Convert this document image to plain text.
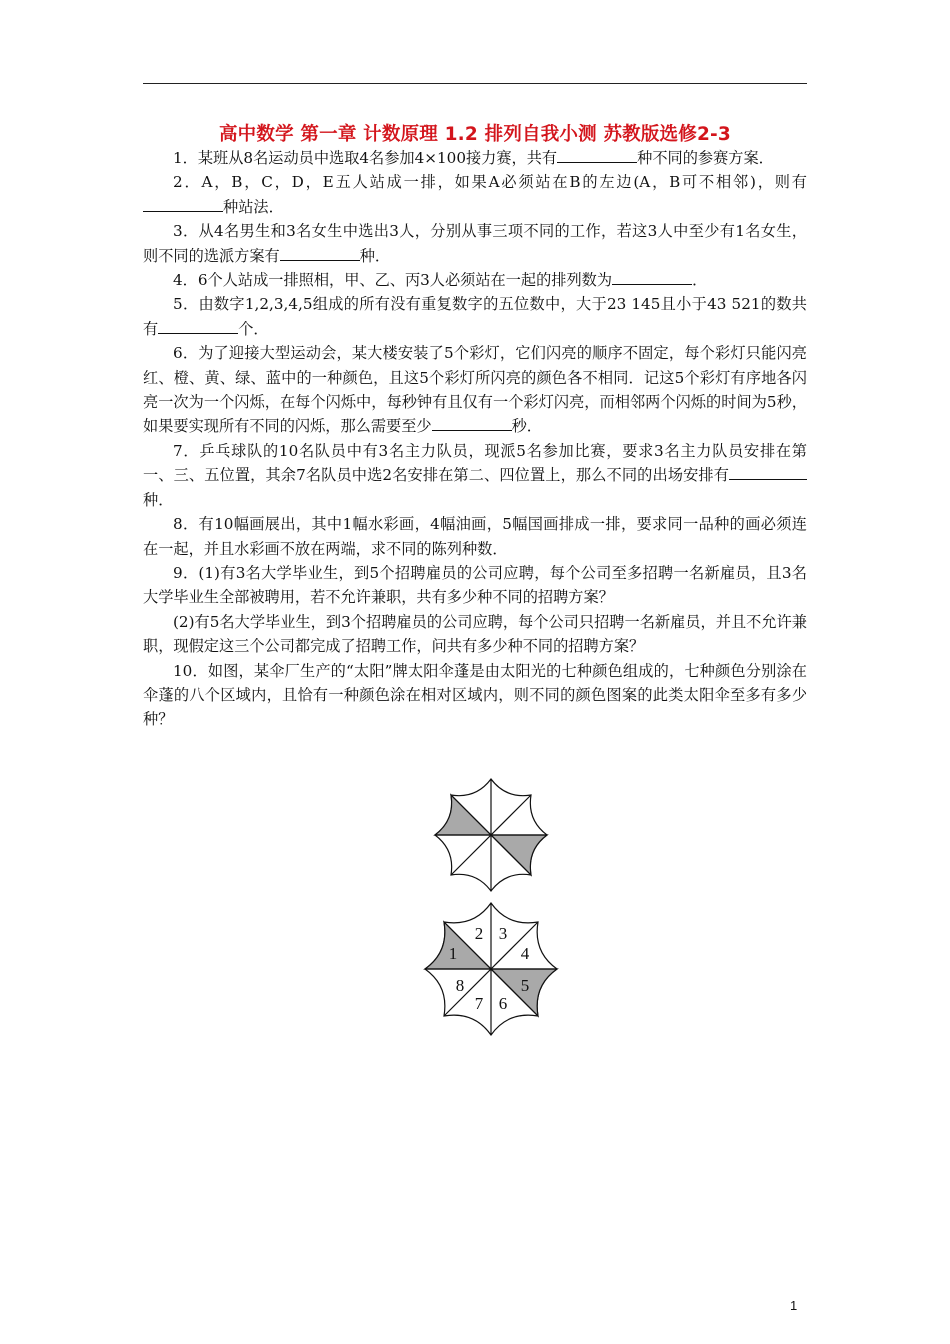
高中数学 第一章 计数原理 1.2 排列自我小测 苏教版选修2-3

1．某班从8名运动员中选取4名参加4×100接力赛，共有	种不同的参赛方案．

2．A，B，C，D，E五人站成一排，如果A必须站在B的左边(A，B可不相邻)，则有种站法．

3．从4名男生和3名女生中选出3人，分别从事三项不同的工作，若这3人中至少有1名女生，则不同的选派方案有	种．

4．6个人站成一排照相，甲、乙、丙3人必须站在一起的排列数为	．

5．由数字1,2,3,4,5组成的所有没有重复数字的五位数中，大于23 145且小于43 521的数共有	个．

6．为了迎接大型运动会，某大楼安装了5个彩灯，它们闪亮的顺序不固定，每个彩灯只能闪亮红、橙、黄、绿、蓝中的一种颜色，且这5个彩灯所闪亮的颜色各不相同．记这5个彩灯有序地各闪亮一次为一个闪烁，在每个闪烁中，每秒钟有且仅有一个彩灯闪亮，而相邻两个闪烁的时间为5秒，如果要实现所有不同的闪烁，那么需要至少	秒．

7．乒乓球队的10名队员中有3名主力队员，现派5名参加比赛，要求3名主力队员安排在第一、三、五位置，其余7名队员中选2名安排在第二、四位置上，那么不同的出场安排有种．

8．有10幅画展出，其中1幅水彩画，4幅油画，5幅国画排成一排，要求同一品种的画必须连在一起，并且水彩画不放在两端，求不同的陈列种数．

9．(1)有3名大学毕业生，到5个招聘雇员的公司应聘，每个公司至多招聘一名新雇员，且3名大学毕业生全部被聘用，若不允许兼职，共有多少种不同的招聘方案？

(2)有5名大学毕业生，到3个招聘雇员的公司应聘，每个公司只招聘一名新雇员，并且不允许兼职，现假定这三个公司都完成了招聘工作，问共有多少种不同的招聘方案？

10．如图，某伞厂生产的“太阳”牌太阳伞蓬是由太阳光的七种颜色组成的，七种颜色分别涂在伞蓬的八个区域内，且恰有一种颜色涂在相对区域内，则不同的颜色图案的此类太阳伞至多有多少种？

1
2 3
4
5
6
7
8
1
